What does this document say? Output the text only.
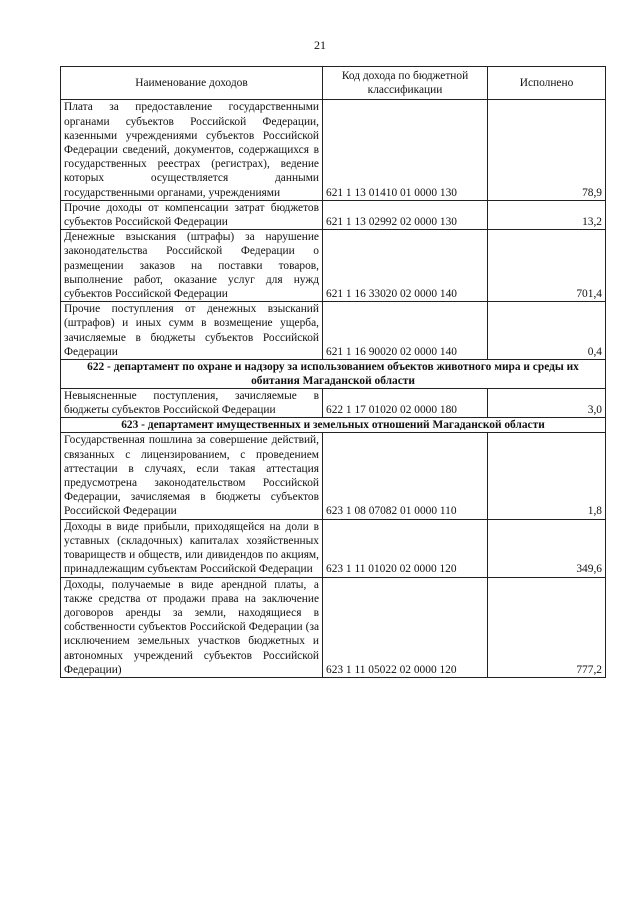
21
Наименование доходов	Код дохода по бюджетной классификации	Исполнено
Плата за предоставление государственными органами субъектов Российской Федерации, казенными учреждениями субъектов Российской Федерации сведений, документов, содержащихся в государственных реестрах (регистрах), ведение которых осуществляется данными государственными органами, учреждениями	621 1 13 01410 01 0000 130	78,9
Прочие доходы от компенсации затрат бюджетов субъектов Российской Федерации	621 1 13 02992 02 0000 130	13,2
Денежные взыскания (штрафы) за нарушение законодательства Российской Федерации о размещении заказов на поставки товаров, выполнение работ, оказание услуг для нужд субъектов Российской Федерации	621 1 16 33020 02 0000 140	701,4
Прочие поступления от денежных взысканий (штрафов) и иных сумм в возмещение ущерба, зачисляемые в бюджеты субъектов Российской Федерации	621 1 16 90020 02 0000 140	0,4
622 - департамент по охране и надзору за использованием объектов животного мира и среды их обитания Магаданской области		
Невыясненные поступления, зачисляемые в бюджеты субъектов Российской Федерации	622 1 17 01020 02 0000 180	3,0
623 - департамент имущественных и земельных отношений Магаданской области		
Государственная пошлина за совершение действий, связанных с лицензированием, с проведением аттестации в случаях, если такая аттестация предусмотрена законодательством Российской Федерации, зачисляемая в бюджеты субъектов Российской Федерации	623 1 08 07082 01 0000 110	1,8
Доходы в виде прибыли, приходящейся на доли в уставных (складочных) капиталах хозяйственных товариществ и обществ, или дивидендов по акциям, принадлежащим субъектам Российской Федерации	623 1 11 01020 02 0000 120	349,6
Доходы, получаемые в виде арендной платы, а также средства от продажи права на заключение договоров аренды за земли, находящиеся в собственности субъектов Российской Федерации (за исключением земельных участков бюджетных и автономных учреждений субъектов Российской Федерации)	623 1 11 05022 02 0000 120	777,2
